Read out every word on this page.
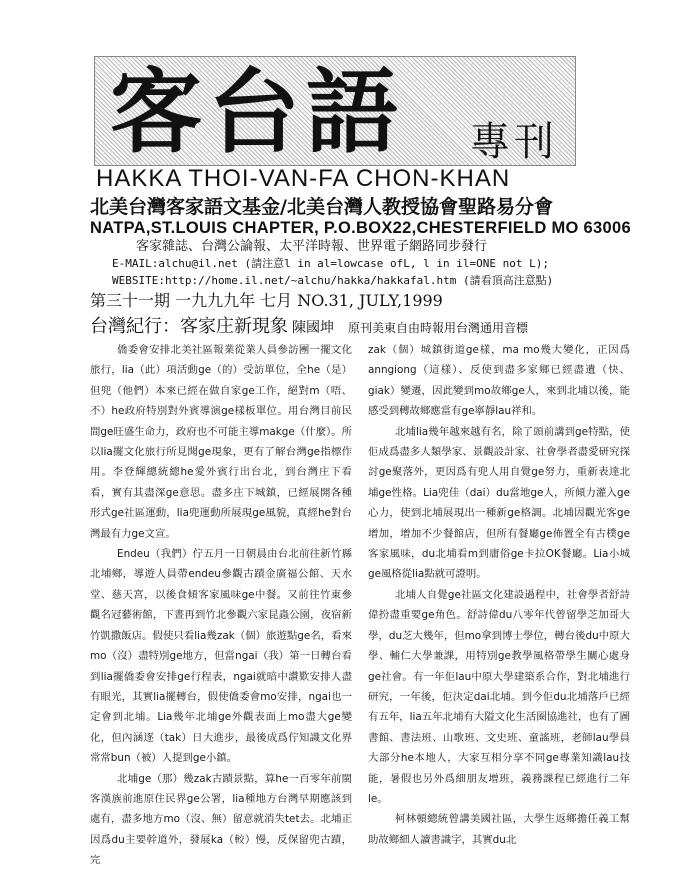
客台語 專刊
HAKKA THOI-VAN-FA CHON-KHAN
北美台灣客家語文基金/北美台灣人教授協會聖路易分會
NATPA,ST.LOUIS CHAPTER, P.O.BOX22,CHESTERFIELD MO 63006
客家雜誌、台灣公論報、太平洋時報、世界電子網路同步發行
E-MAIL:alchu@il.net (請注意l in al=lowcase ofL, l in il=ONE not L);
WEBSITE:http://home.il.net/~alchu/hakka/hakkafal.htm (請看頂高注意點)
第三十一期 一九九九年 七月 NO.31, JULY,1999
台灣紀行：客家庄新現象 陳國坤 原刊美東自由時報用台灣通用音標

僑委會安排北美社區報業從業人員參訪團一擺文化旅行，lia（此）項活動ge（的）受訪單位，全he（是）但兜（他們）本來已經在做自家ge工作，絕對m（唔、不）he政府特別對外賓導演ge樣板單位。用台灣目前民間ge旺盛生命力，政府也不可能主導makge（什麼）。所以lia擺文化旅行所見聞ge現象，更有了解台灣ge指標作用。李登輝總統總he愛外賓行出台北，到台灣庄下看看，實有其盡深ge意思。盡多庄下城鎮，已經展開各種形式ge社區運動，lia兜運動所展現ge風貌，真經he對台灣最有力ge文宣。

Endeu（我們）佇五月一日朝晨由台北前往新竹縣北埔鄉，導遊人員帶endeu參觀古蹟金廣福公館、天水堂、慈天宮，以後食傾客家風味ge中餐。又前往竹東參觀名冠藝術館，下晝再到竹北參觀六家昆蟲公園，夜宿新竹凱撒飯店。假使只看lia幾zak（個）旅遊點ge名，看來mo（沒）盡特別ge地方，但當ngai（我）第一日轉台看到lia擺僑委會安排ge行程表，ngai就暗中讚歎安排人盡有眼光，其實lia擺轉台，假使僑委會mo安排，ngai也一定會到北埔。Lia幾年北埔ge外觀表面上mo盡大ge變化，但內涵逐（tak）日大進步，最後成爲佇知識文化界常常bun（被）人提到ge小鎮。

北埔ge（那）幾zak古蹟景點，算he一百零年前閩客漢族前進原住民界ge公署，lia種地方台灣早期應該到處有，盡多地方mo（沒、無）留意就消失tet去。北埔正因爲du主要幹道外，發展ka（較）慢，反保留兜古蹟，完

zak（個）城鎮街道ge樣，ma mo幾大變化，正因爲anngiong（這樣）、反使到盡多家鄉已經盡遺（快、giak）變遷，因此變到mo故鄉ge人，來到北埔以後，能感受到轉故鄉應當有ge寧靜lau祥和。

北埔lia幾年越來越有名，除了頭前講到ge特點，使佢成爲盡多人類學家、景觀設計家、社會學者盡愛研究探討ge聚落外，更因爲有兜人用自覺ge努力，重新表達北埔ge性格。Lia兜佳（dai）du當地ge人，所傾力灌入ge心力，使到北埔展現出一種新ge格調。北埔因觀光客ge增加，增加不少餐館店，但所有餐廳ge佈置全有古樸ge客家風味，du北埔看m到庸俗ge卡拉OK餐廳。Lia小城ge風格從lia點就可證明。

北埔人自覺ge社區文化建設過程中，社會學者舒詩偉扮盡重要ge角色。舒詩偉du八零年代曾留學芝加哥大學，du芝大幾年，但mo拿到博士學位，轉台後du中原大學、輔仁大學兼課，用特別ge教學風格帶學生關心處身ge社會。有一年佢lau中原大學建築系合作，對北埔進行研究，一年後，佢決定dai北埔。到今佢du北埔落戶已經有五年，lia五年北埔有大隘文化生活圈協進社，也有了圖書館、書法班、山歌班、文史班、童謠班，老師lau學員大部分he本地人，大家互相分享不同ge專業知識lau技能，暑假也另外爲細朋友增班，義務課程已經進行二年le。

柯林頓總統曾講美國社區，大學生返鄉擔任義工幫助故鄉細人讀書識字，其實du北
